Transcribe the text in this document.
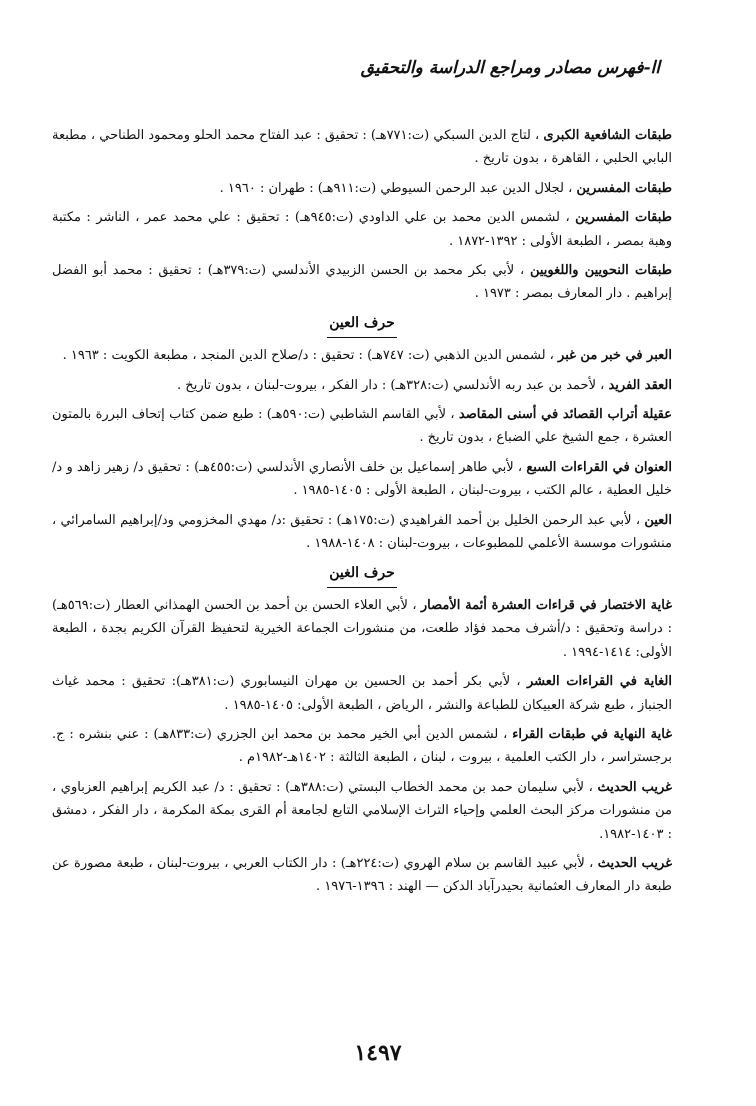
اا-فهرس مصادر ومراجع الدراسة والتحقيق
طبقات الشافعية الكبرى ، لتاج الدين السبكي (ت:٧٧١هـ) : تحقيق : عبد الفتاح محمد الحلو ومحمود الطناحي ، مطبعة البابي الحلبي ، القاهرة ، بدون تاريخ .
طبقات المفسرين ، لجلال الدين عبد الرحمن السيوطي (ت:٩١١هـ) : طهران : ١٩٦٠ .
طبقات المفسرين ، لشمس الدين محمد بن علي الداودي (ت:٩٤٥هـ) : تحقيق : علي محمد عمر ، الناشر : مكتبة وهبة بمصر ، الطبعة الأولى : ١٣٩٢-١٨٧٢ .
طبقات النحويين واللغويين ، لأبي بكر محمد بن الحسن الزبيدي الأندلسي (ت:٣٧٩هـ) : تحقيق : محمد أبو الفضل إبراهيم . دار المعارف بمصر : ١٩٧٣ .
حرف العين
العبر في خبر من غبر ، لشمس الدين الذهبي (ت: ٧٤٧هـ) : تحقيق : د/صلاح الدين المنجد ، مطبعة الكويت : ١٩٦٣ .
العقد الفريد ، لأحمد بن عبد ربه الأندلسي (ت:٣٢٨هـ) : دار الفكر ، بيروت-لبنان ، بدون تاريخ .
عقيلة أتراب القصائد في أسنى المقاصد ، لأبي القاسم الشاطبي (ت:٥٩٠هـ) : طبع ضمن كتاب إتحاف البررة بالمتون العشرة ، جمع الشيخ علي الضباع ، بدون تاريخ .
العنوان في القراءات السبع ، لأبي طاهر إسماعيل بن خلف الأنصاري الأندلسي (ت:٤٥٥هـ) : تحقيق د/ زهير زاهد و د/ خليل العطية ، عالم الكتب ، بيروت-لبنان ، الطبعة الأولى : ١٤٠٥-١٩٨٥ .
العين ، لأبي عبد الرحمن الخليل بن أحمد الفراهيدي (ت:١٧٥هـ) : تحقيق :د/ مهدي المخزومي ود/إبراهيم السامرائي ، منشورات موسسة الأعلمي للمطبوعات ، بيروت-لبنان : ١٤٠٨-١٩٨٨ .
حرف الغين
غاية الاختصار في قراءات العشرة أئمة الأمصار ، لأبي العلاء الحسن بن أحمد بن الحسن الهمذاني العطار (ت:٥٦٩هـ) : دراسة وتحقيق : د/أشرف محمد فؤاد طلعت، من منشورات الجماعة الخيرية لتحفيظ القرآن الكريم بجدة ، الطبعة الأولى: ١٤١٤-١٩٩٤ .
الغاية في القراءات العشر ، لأبي بكر أحمد بن الحسين بن مهران النيسابوري (ت:٣٨١هـ): تحقيق : محمد غياث الجنباز ، طبع شركة العبيكان للطباعة والنشر ، الرياض ، الطبعة الأولى: ١٤٠٥-١٩٨٥ .
غاية النهاية في طبقات القراء ، لشمس الدين أبي الخير محمد بن محمد ابن الجزري (ت:٨٣٣هـ) : عني بنشره : ج. برجستراسر ، دار الكتب العلمية ، بيروت ، لبنان ، الطبعة الثالثة : ١٤٠٢هـ-١٩٨٢م .
غريب الحديث ، لأبي سليمان حمد بن محمد الخطاب البستي (ت:٣٨٨هـ) : تحقيق : د/ عبد الكريم إبراهيم العزباوي ، من منشورات مركز البحث العلمي وإحياء التراث الإسلامي التابع لجامعة أم القرى بمكة المكرمة ، دار الفكر ، دمشق : ١٤٠٣-١٩٨٢.
غريب الحديث ، لأبي عبيد القاسم بن سلام الهروي (ت:٢٢٤هـ) : دار الكتاب العربي ، بيروت-لبنان ، طبعة مصورة عن طبعة دار المعارف العثمانية بحيدرآباد الدكن — الهند : ١٣٩٦-١٩٧٦ .
١٤٩٧
